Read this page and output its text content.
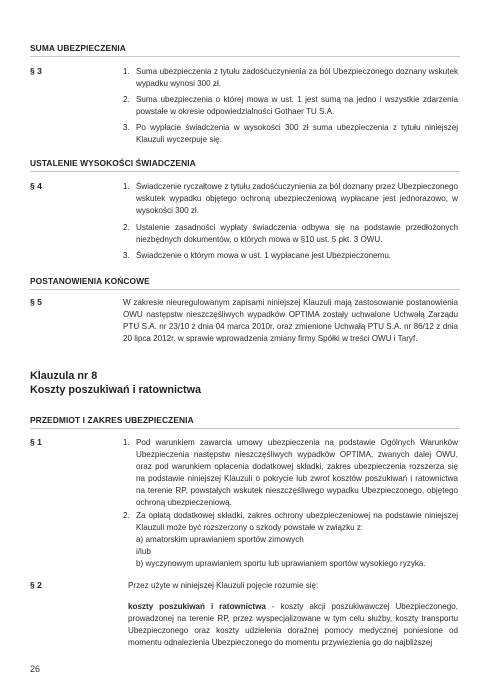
SUMA UBEZPIECZENIA
§ 3	1. Suma ubezpieczenia z tytułu zadośćuczynienia za ból Ubezpieczonego doznany wskutek wypadku wynosi 300 zł.
2. Suma ubezpieczenia o której mowa w ust. 1 jest sumą na jedno i wszystkie zdarzenia powstałe w okresie odpowiedzialności Gothaer TU S.A.
3. Po wypłacie świadczenia w wysokości 300 zł suma ubezpieczenia z tytułu niniejszej Klauzuli wyczerpuje się.
USTALENIE WYSOKOŚCI ŚWIADCZENIA
§ 4	1. Świadczenie ryczałtowe z tytułu zadośćuczynienia za ból doznany przez Ubezpieczonego wskutek wypadku objętego ochroną ubezpieczeniową wypłacane jest jednorazowo, w wysokości 300 zł.
2. Ustalenie zasadności wypłaty świadczenia odbywa się na podstawie przedłożonych niezbędnych dokumentów, o których mowa w §10 ust. 5 pkt. 3 OWU.
3. Świadczenie o którym mowa w ust. 1 wypłacane jest Ubezpieczonemu.
POSTANOWIENIA KOŃCOWE
§ 5	W zakresie nieuregulowanym zapisami niniejszej Klauzuli mają zastosowanie postanowienia OWU następstw nieszczęśliwych wypadków OPTIMA zostały uchwalone Uchwałą Zarządu PTU S.A. nr 23/10 z dnia 04 marca 2010r. oraz zmienione Uchwałą PTU S.A. nr 86/12 z dnia 20 lipca 2012r. w sprawie wprowadzenia zmiany firmy Spółki w treści OWU i Taryf.
Klauzula nr 8
Koszty poszukiwań i ratownictwa
PRZEDMIOT I ZAKRES UBEZPIECZENIA
§ 1	1. Pod warunkiem zawarcia umowy ubezpieczenia na podstawie Ogólnych Warunków Ubezpieczenia następstw nieszczęśliwych wypadków OPTIMA, zwanych dalej OWU, oraz pod warunkiem opłacenia dodatkowej składki, zakres ubezpieczenia rozszerza się na podstawie niniejszej Klauzuli o pokrycie lub zwrot kosztów poszukiwań i ratownictwa na terenie RP, powstałych wskutek nieszczęśliwego wypadku Ubezpieczonego, objętego ochroną ubezpieczeniową.
2. Za opłatą dodatkowej składki, zakres ochrony ubezpieczeniowej na podstawie niniejszej Klauzuli może być rozszerzony o szkody powstałe w związku z:
a) amatorskim uprawianiem sportów zimowych
i/lub
b) wyczynowym uprawianiem sportu lub uprawianiem sportów wysokiego ryzyka.
§ 2	Przez użyte w niniejszej Klauzuli pojęcie rozumie się:
koszty poszukiwań i ratownictwa - koszty akcji poszukiwawczej Ubezpieczonego, prowadzonej na terenie RP, przez wyspecjalizowane w tym celu służby, koszty transportu Ubezpieczonego oraz koszty udzielenia doraźnej pomocy medycznej poniesione od momentu odnalezienia Ubezpieczonego do momentu przywiezienia go do najbliższej
26
